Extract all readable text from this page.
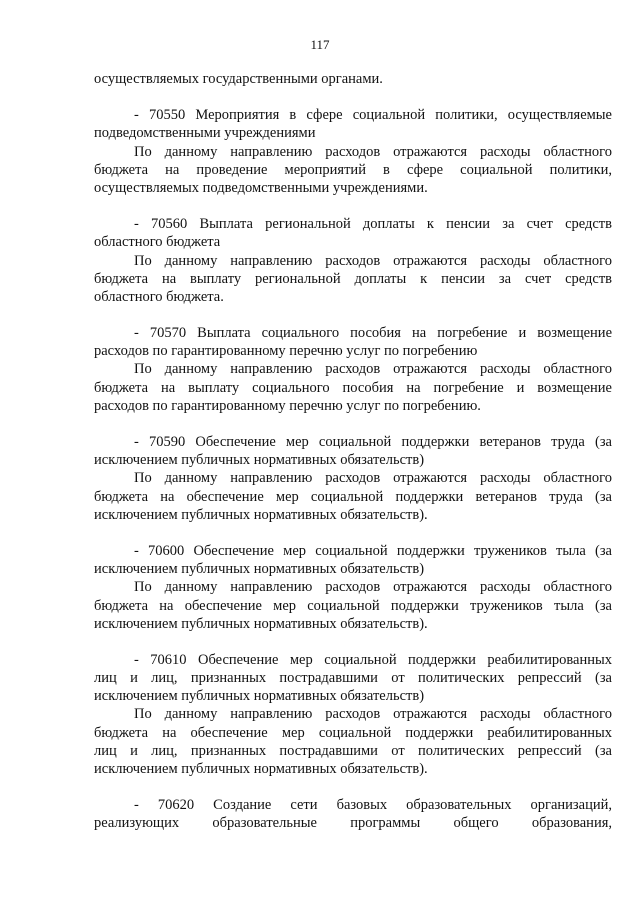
117
осуществляемых государственными органами.
- 70550 Мероприятия в сфере социальной политики, осуществляемые
подведомственными учреждениями
По данному направлению расходов отражаются расходы областного
бюджета на проведение мероприятий в сфере социальной политики,
осуществляемых подведомственными учреждениями.
- 70560 Выплата региональной доплаты к пенсии за счет средств
областного бюджета
По данному направлению расходов отражаются расходы областного
бюджета на выплату региональной доплаты к пенсии за счет средств
областного бюджета.
- 70570 Выплата социального пособия на погребение и возмещение
расходов по гарантированному перечню услуг по погребению
По данному направлению расходов отражаются расходы областного
бюджета на выплату социального пособия на погребение и возмещение
расходов по гарантированному перечню услуг по погребению.
- 70590 Обеспечение мер социальной поддержки ветеранов труда (за
исключением публичных нормативных обязательств)
По данному направлению расходов отражаются расходы областного
бюджета на обеспечение мер социальной поддержки ветеранов труда (за
исключением публичных нормативных обязательств).
- 70600 Обеспечение мер социальной поддержки тружеников тыла (за
исключением публичных нормативных обязательств)
По данному направлению расходов отражаются расходы областного
бюджета на обеспечение мер социальной поддержки тружеников тыла (за
исключением публичных нормативных обязательств).
- 70610 Обеспечение мер социальной поддержки реабилитированных
лиц и лиц, признанных пострадавшими от политических репрессий (за
исключением публичных нормативных обязательств)
По данному направлению расходов отражаются расходы областного
бюджета на обеспечение мер социальной поддержки реабилитированных
лиц и лиц, признанных пострадавшими от политических репрессий (за
исключением публичных нормативных обязательств).
- 70620 Создание сети базовых образовательных организаций,
реализующих образовательные программы общего образования,
